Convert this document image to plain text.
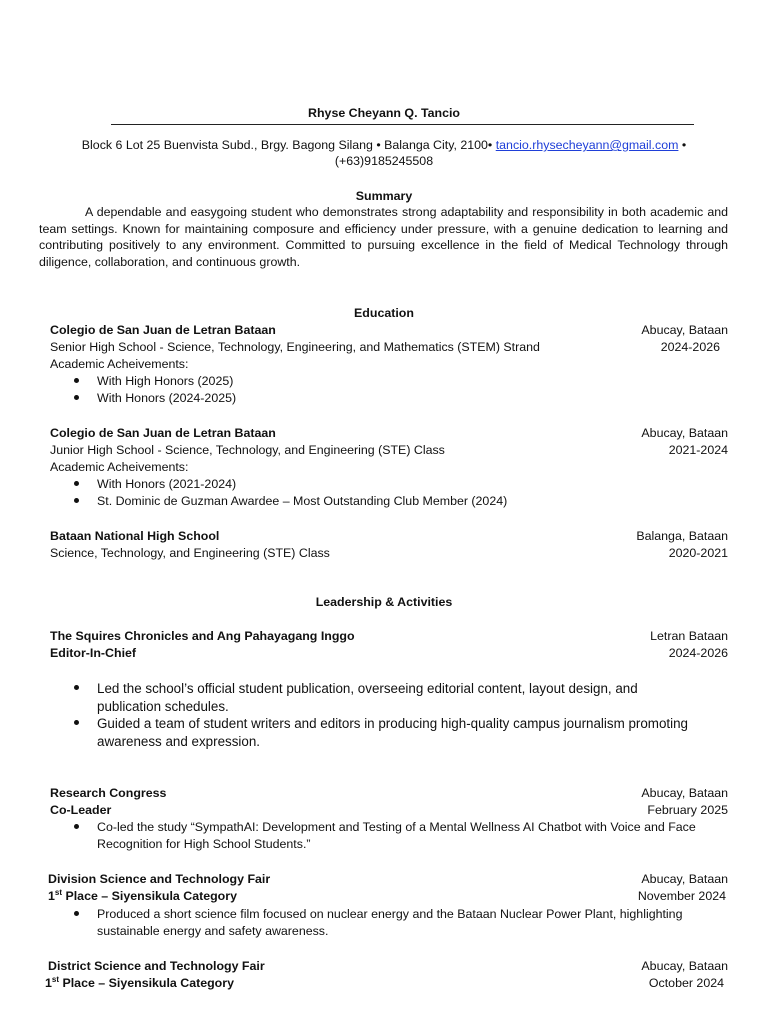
Rhyse Cheyann Q. Tancio
Block 6 Lot 25 Buenvista Subd., Brgy. Bagong Silang • Balanga City, 2100• tancio.rhysecheyann@gmail.com •
(+63)9185245508
Summary
A dependable and easygoing student who demonstrates strong adaptability and responsibility in both academic and team settings. Known for maintaining composure and efficiency under pressure, with a genuine dedication to learning and contributing positively to any environment. Committed to pursuing excellence in the field of Medical Technology through diligence, collaboration, and continuous growth.
Education
Colegio de San Juan de Letran Bataan	Abucay, Bataan
Senior High School - Science, Technology, Engineering, and Mathematics (STEM) Strand	2024-2026
Academic Acheivements:
With High Honors (2025)
With Honors (2024-2025)
Colegio de San Juan de Letran Bataan	Abucay, Bataan
Junior High School - Science, Technology, and Engineering (STE) Class	2021-2024
Academic Acheivements:
With Honors (2021-2024)
St. Dominic de Guzman Awardee – Most Outstanding Club Member (2024)
Bataan National High School	Balanga, Bataan
Science, Technology, and Engineering (STE) Class	2020-2021
Leadership & Activities
The Squires Chronicles and Ang Pahayagang Inggo	Letran Bataan
Editor-In-Chief	2024-2026
Led the school’s official student publication, overseeing editorial content, layout design, and publication schedules.
Guided a team of student writers and editors in producing high-quality campus journalism promoting awareness and expression.
Research Congress	Abucay, Bataan
Co-Leader	February 2025
Co-led the study “SympathAI: Development and Testing of a Mental Wellness AI Chatbot with Voice and Face Recognition for High School Students.”
Division Science and Technology Fair	Abucay, Bataan
1st Place – Siyensikula Category	November 2024
Produced a short science film focused on nuclear energy and the Bataan Nuclear Power Plant, highlighting sustainable energy and safety awareness.
District Science and Technology Fair	Abucay, Bataan
1st Place – Siyensikula Category	October 2024
